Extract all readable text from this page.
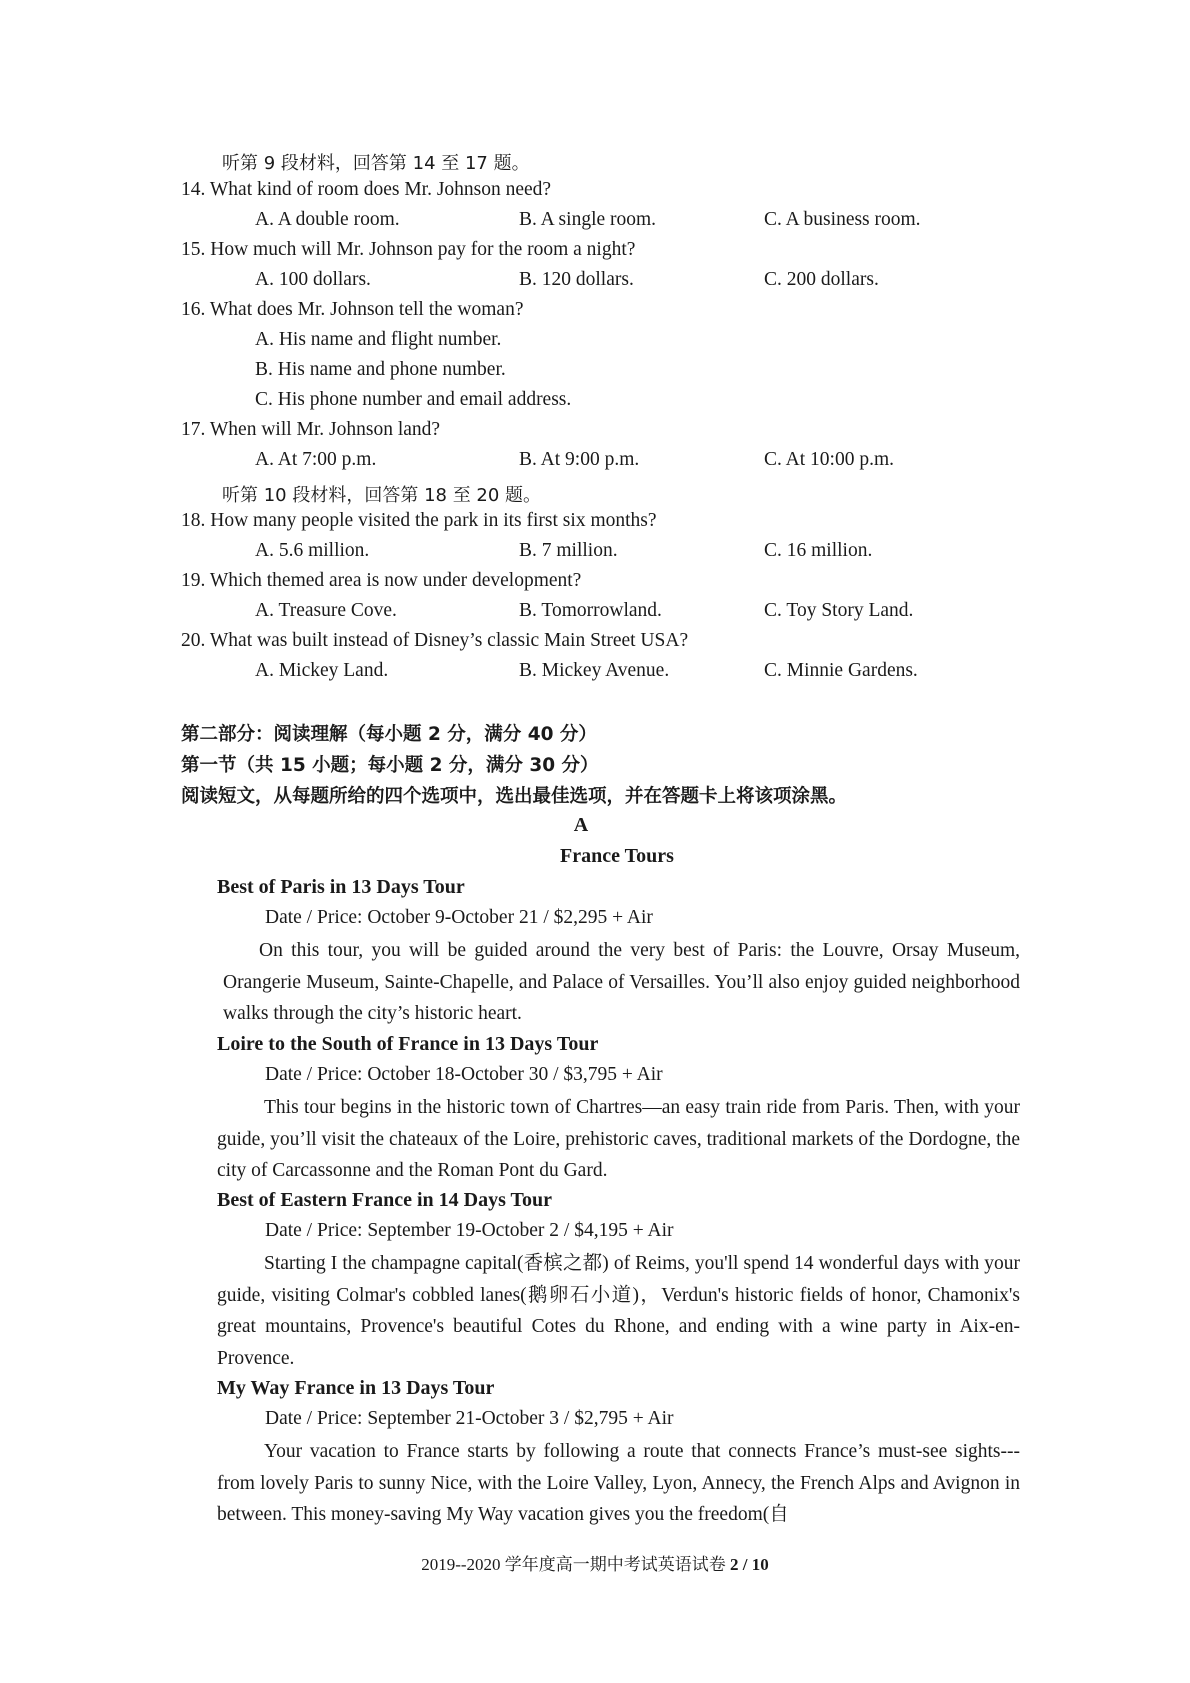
听第 9 段材料，回答第 14 至 17 题。
14. What kind of room does Mr. Johnson need?
A. A double room.	B. A single room.	C. A business room.
15. How much will Mr. Johnson pay for the room a night?
A. 100 dollars.	B. 120 dollars.	C. 200 dollars.
16. What does Mr. Johnson tell the woman?
A. His name and flight number.
B. His name and phone number.
C. His phone number and email address.
17. When will Mr. Johnson land?
A. At 7:00 p.m.	B. At 9:00 p.m.	C. At 10:00 p.m.
听第 10 段材料，回答第 18 至 20 题。
18. How many people visited the park in its first six months?
A. 5.6 million.	B. 7 million.	C. 16 million.
19. Which themed area is now under development?
A. Treasure Cove.	B. Tomorrowland.	C. Toy Story Land.
20. What was built instead of Disney’s classic Main Street USA?
A. Mickey Land.	B. Mickey Avenue.	C. Minnie Gardens.
第二部分：阅读理解（每小题 2 分，满分 40 分）
第一节（共 15 小题；每小题 2 分，满分 30 分）
阅读短文，从每题所给的四个选项中，选出最佳选项，并在答题卡上将该项涂黑。
A
France Tours
Best of Paris in 13 Days Tour
Date / Price: October 9-October 21 / $2,295 + Air

On this tour, you will be guided around the very best of Paris: the Louvre, Orsay Museum, Orangerie Museum, Sainte-Chapelle, and Palace of Versailles. You’ll also enjoy guided neighborhood walks through the city’s historic heart.

Loire to the South of France in 13 Days Tour
Date / Price: October 18-October 30 / $3,795 + Air

This tour begins in the historic town of Chartres—an easy train ride from Paris. Then, with your guide, you’ll visit the chateaux of the Loire, prehistoric caves, traditional markets of the Dordogne, the city of Carcassonne and the Roman Pont du Gard.

Best of Eastern France in 14 Days Tour
Date / Price: September 19-October 2 / $4,195 + Air

Starting I the champagne capital(香槟之都) of Reims, you'll spend 14 wonderful days with your guide, visiting Colmar's cobbled lanes(鹅卵石小道)，Verdun's historic fields of honor, Chamonix's great mountains, Provence's beautiful Cotes du Rhone, and ending with a wine party in Aix-en-Provence.

My Way France in 13 Days Tour
Date / Price: September 21-October 3 / $2,795 + Air

Your vacation to France starts by following a route that connects France’s must-see sights---from lovely Paris to sunny Nice, with the Loire Valley, Lyon, Annecy, the French Alps and Avignon in between. This money-saving My Way vacation gives you the freedom(自

2019--2020 学年度高一期中考试英语试卷 2 / 10
